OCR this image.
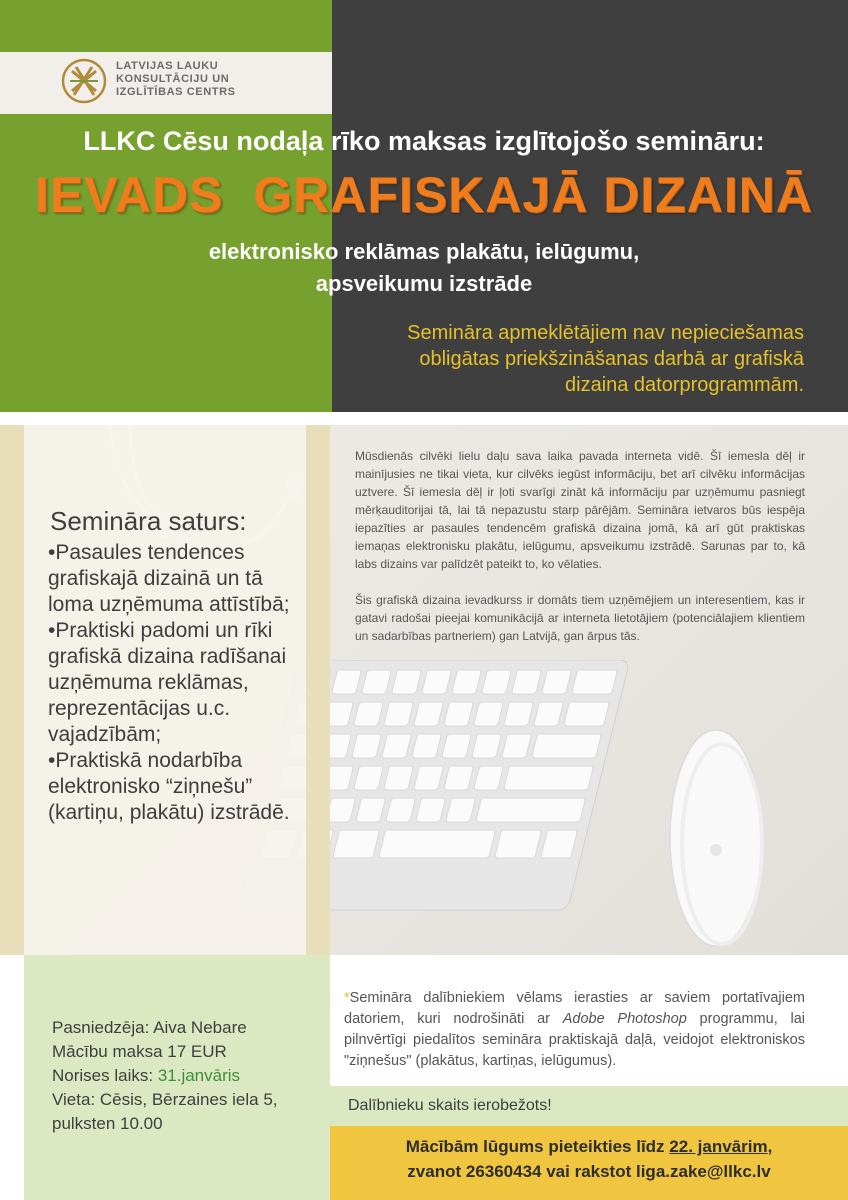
LATVIJAS LAUKU
KONSULTĀCIJU UN
IZGLĪTĪBAS CENTRS
LLKC Cēsu nodaļa rīko maksas izglītojošo semināru:
IEVADS  GRAFISKAJĀ DIZAINĀ
elektronisko reklāmas plakātu, ielūgumu,
apsveikumu izstrāde
Semināra apmeklētājiem nav nepieciešamas
obligātas priekšzināšanas darbā ar grafiskā
dizaina datorprogrammām.
Semināra saturs:
•Pasaules tendences grafiskajā dizainā un tā loma uzņēmuma attīstībā;
•Praktiski padomi un rīki grafiskā dizaina radīšanai uzņēmuma reklāmas, reprezentācijas u.c. vajadzībām;
•Praktiskā nodarbība elektronisko “ziņnešu” (kartiņu, plakātu) izstrādē.

Mūsdienās cilvēki lielu daļu sava laika pavada interneta vidē. Šī iemesla dēļ ir mainījusies ne tikai vieta, kur cilvēks iegūst informāciju, bet arī cilvēku informācijas uztvere. Šī iemesla dēļ ir ļoti svarīgi zināt kā informāciju par uzņēmumu pasniegt mērķauditorijai tā, lai tā nepazustu starp pārējām. Semināra ietvaros būs iespēja iepazīties ar pasaules tendencēm grafiskā dizaina jomā, kā arī gūt praktiskas iemaņas elektronisku plakātu, ielūgumu, apsveikumu izstrādē. Sarunas par to, kā labs dizains var palīdzēt pateikt to, ko vēlaties.

Šis grafiskā dizaina ievadkurss ir domāts tiem uzņēmējiem un interesentiem, kas ir gatavi radošai pieejai komunikācijā ar interneta lietotājiem (potenciālajiem klientiem un sadarbības partneriem) gan Latvijā, gan ārpus tās.

Pasniedzēja: Aiva Nebare
Mācību maksa 17 EUR
Norises laiks: 31.janvāris
Vieta: Cēsis, Bērzaines iela 5,
pulksten 10.00
*Semināra dalībniekiem vēlams ierasties ar saviem portatīvajiem datoriem, kuri nodrošināti ar Adobe Photoshop programmu, lai pilnvērtīgi piedalītos semināra praktiskajā daļā, veidojot elektroniskos "ziņnešus" (plakātus, kartiņas, ielūgumus).
Dalībnieku skaits ierobežots!
Mācībām lūgums pieteikties līdz 22. janvārim,
zvanot 26360434 vai rakstot liga.zake@llkc.lv
